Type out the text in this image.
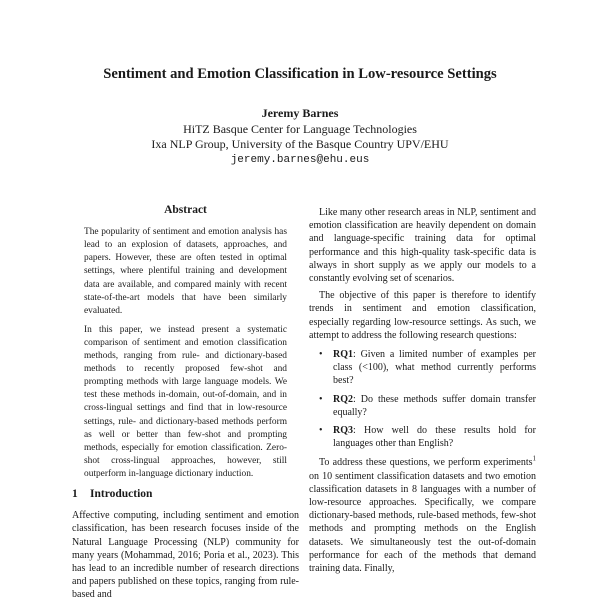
Sentiment and Emotion Classification in Low-resource Settings
Jeremy Barnes
HiTZ Basque Center for Language Technologies
Ixa NLP Group, University of the Basque Country UPV/EHU
jeremy.barnes@ehu.eus
Abstract

The popularity of sentiment and emotion analysis has lead to an explosion of datasets, approaches, and papers. However, these are often tested in optimal settings, where plentiful training and development data are available, and compared mainly with recent state-of-the-art models that have been similarly evaluated.

In this paper, we instead present a systematic comparison of sentiment and emotion classification methods, ranging from rule- and dictionary-based methods to recently proposed few-shot and prompting methods with large language models. We test these methods in-domain, out-of-domain, and in cross-lingual settings and find that in low-resource settings, rule- and dictionary-based methods perform as well or better than few-shot and prompting methods, especially for emotion classification. Zero-shot cross-lingual approaches, however, still outperform in-language dictionary induction.

1 Introduction

Affective computing, including sentiment and emotion classification, has been research focuses inside of the Natural Language Processing (NLP) community for many years (Mohammad, 2016; Poria et al., 2023). This has lead to an incredible number of research directions and papers published on these topics, ranging from rule-based and

Like many other research areas in NLP, sentiment and emotion classification are heavily dependent on domain and language-specific training data for optimal performance and this high-quality task-specific data is always in short supply as we apply our models to a constantly evolving set of scenarios.

The objective of this paper is therefore to identify trends in sentiment and emotion classification, especially regarding low-resource settings. As such, we attempt to address the following research questions:

• RQ1: Given a limited number of examples per class (<100), what method currently performs best?
• RQ2: Do these methods suffer domain transfer equally?
• RQ3: How well do these results hold for languages other than English?

To address these questions, we perform experiments$^1$ on 10 sentiment classification datasets and two emotion classification datasets in 8 languages with a number of low-resource approaches. Specifically, we compare dictionary-based methods, rule-based methods, few-shot methods and prompting methods on the English datasets. We simultaneously test the out-of-domain performance for each of the methods that demand training data. Finally,
